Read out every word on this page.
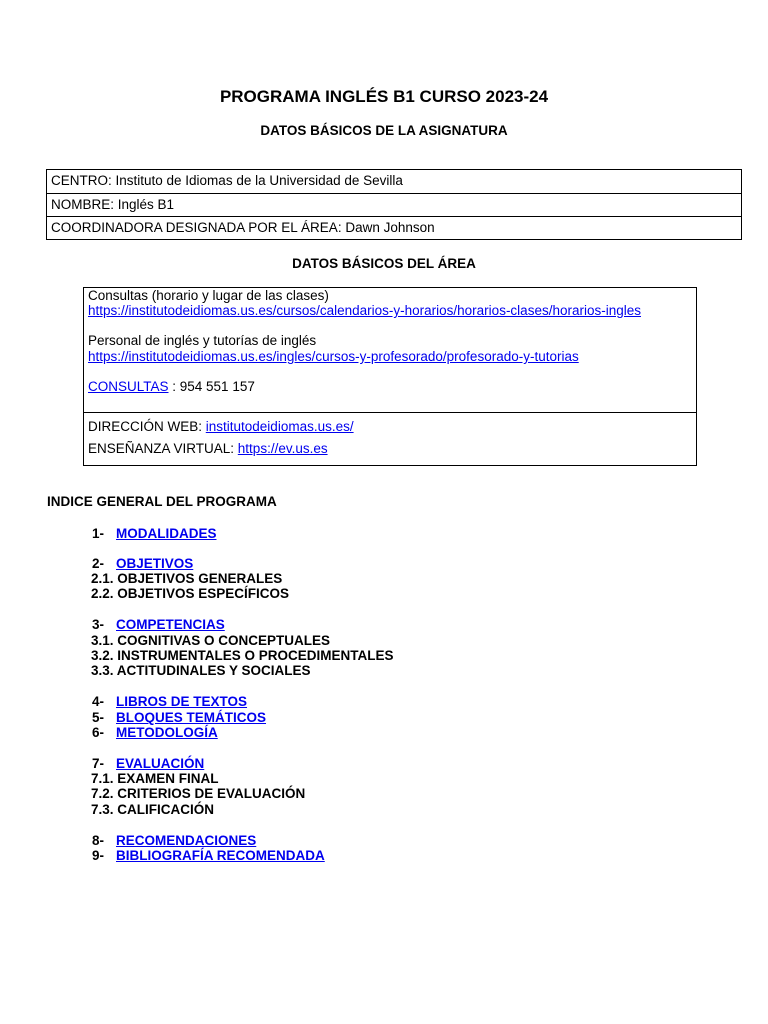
PROGRAMA INGLÉS B1 CURSO 2023-24
DATOS BÁSICOS DE LA ASIGNATURA
CENTRO: Instituto de Idiomas de la Universidad de Sevilla
NOMBRE: Inglés B1
COORDINADORA DESIGNADA POR EL ÁREA: Dawn Johnson
DATOS BÁSICOS DEL ÁREA
Consultas (horario y lugar de las clases)
https://institutodeidiomas.us.es/cursos/calendarios-y-horarios/horarios-clases/horarios-ingles
Personal de inglés y tutorías de inglés
https://institutodeidiomas.us.es/ingles/cursos-y-profesorado/profesorado-y-tutorias
CONSULTAS : 954 551 157
DIRECCIÓN WEB: institutodeidiomas.us.es/
ENSEÑANZA VIRTUAL: https://ev.us.es
INDICE GENERAL DEL PROGRAMA
1- MODALIDADES
2- OBJETIVOS
2.1. OBJETIVOS GENERALES
2.2. OBJETIVOS ESPECÍFICOS
3- COMPETENCIAS
3.1. COGNITIVAS O CONCEPTUALES
3.2. INSTRUMENTALES O PROCEDIMENTALES
3.3. ACTITUDINALES Y SOCIALES
4- LIBROS DE TEXTOS
5- BLOQUES TEMÁTICOS
6- METODOLOGÍA
7- EVALUACIÓN
7.1. EXAMEN FINAL
7.2. CRITERIOS DE EVALUACIÓN
7.3. CALIFICACIÓN
8- RECOMENDACIONES
9- BIBLIOGRAFÍA RECOMENDADA
